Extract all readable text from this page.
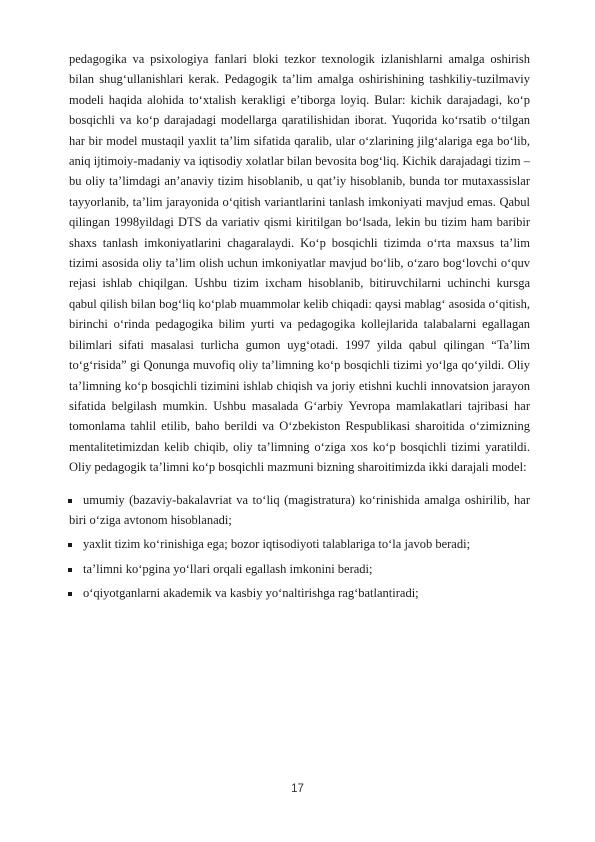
pedagogika va psixologiya fanlari bloki tezkor texnologik izlanishlarni amalga oshirish bilan shug‘ullanishlari kerak. Pedagogik ta’lim amalga oshirishining tashkiliy-tuzilmaviy modeli haqida alohida to‘xtalish kerakligi e’tiborga loyiq. Bular: kichik darajadagi, ko‘p bosqichli va ko‘p darajadagi modellarga qaratilishidan iborat. Yuqorida ko‘rsatib o‘tilgan har bir model mustaqil yaxlit ta’lim sifatida qaralib, ular o‘zlarining jilg‘alariga ega bo‘lib, aniq ijtimoiy-madaniy va iqtisodiy xolatlar bilan bevosita bog‘liq. Kichik darajadagi tizim – bu oliy ta’limdagi an’anaviy tizim hisoblanib, u qat’iy hisoblanib, bunda tor mutaxassislar tayyorlanib, ta’lim jarayonida o‘qitish variantlarini tanlash imkoniyati mavjud emas. Qabul qilingan 1998yildagi DTS da variativ qismi kiritilgan bo‘lsada, lekin bu tizim ham baribir shaxs tanlash imkoniyatlarini chagaralaydi. Ko‘p bosqichli tizimda o‘rta maxsus ta’lim tizimi asosida oliy ta’lim olish uchun imkoniyatlar mavjud bo‘lib, o‘zaro bog‘lovchi o‘quv rejasi ishlab chiqilgan. Ushbu tizim ixcham hisoblanib, bitiruvchilarni uchinchi kursga qabul qilish bilan bog‘liq ko‘plab muammolar kelib chiqadi: qaysi mablag‘ asosida o‘qitish, birinchi o‘rinda pedagogika bilim yurti va pedagogika kollejlarida talabalarni egallagan bilimlari sifati masalasi turlicha gumon uyg‘otadi. 1997 yilda qabul qilingan “Ta’lim to‘g‘risida” gi Qonunga muvofiq oliy ta’limning ko‘p bosqichli tizimi yo‘lga qo‘yildi. Oliy ta’limning ko‘p bosqichli tizimini ishlab chiqish va joriy etishni kuchli innovatsion jarayon sifatida belgilash mumkin. Ushbu masalada G‘arbiy Yevropa mamlakatlari tajribasi har tomonlama tahlil etilib, baho berildi va O‘zbekiston Respublikasi sharoitida o‘zimizning mentalitetimizdan kelib chiqib, oliy ta’limning o‘ziga xos ko‘p bosqichli tizimi yaratildi. Oliy pedagogik ta’limni ko‘p bosqichli mazmuni bizning sharoitimizda ikki darajali model:

umumiy (bazaviy-bakalavriat va to‘liq (magistratura) ko‘rinishida amalga oshirilib, har biri o‘ziga avtonom hisoblanadi;
yaxlit tizim ko‘rinishiga ega; bozor iqtisodiyoti talablariga to‘la javob beradi;
ta’limni ko‘pgina yo‘llari orqali egallash imkonini beradi;
o‘qiyotganlarni akademik va kasbiy yo‘naltirishga rag‘batlantiradi;
17
